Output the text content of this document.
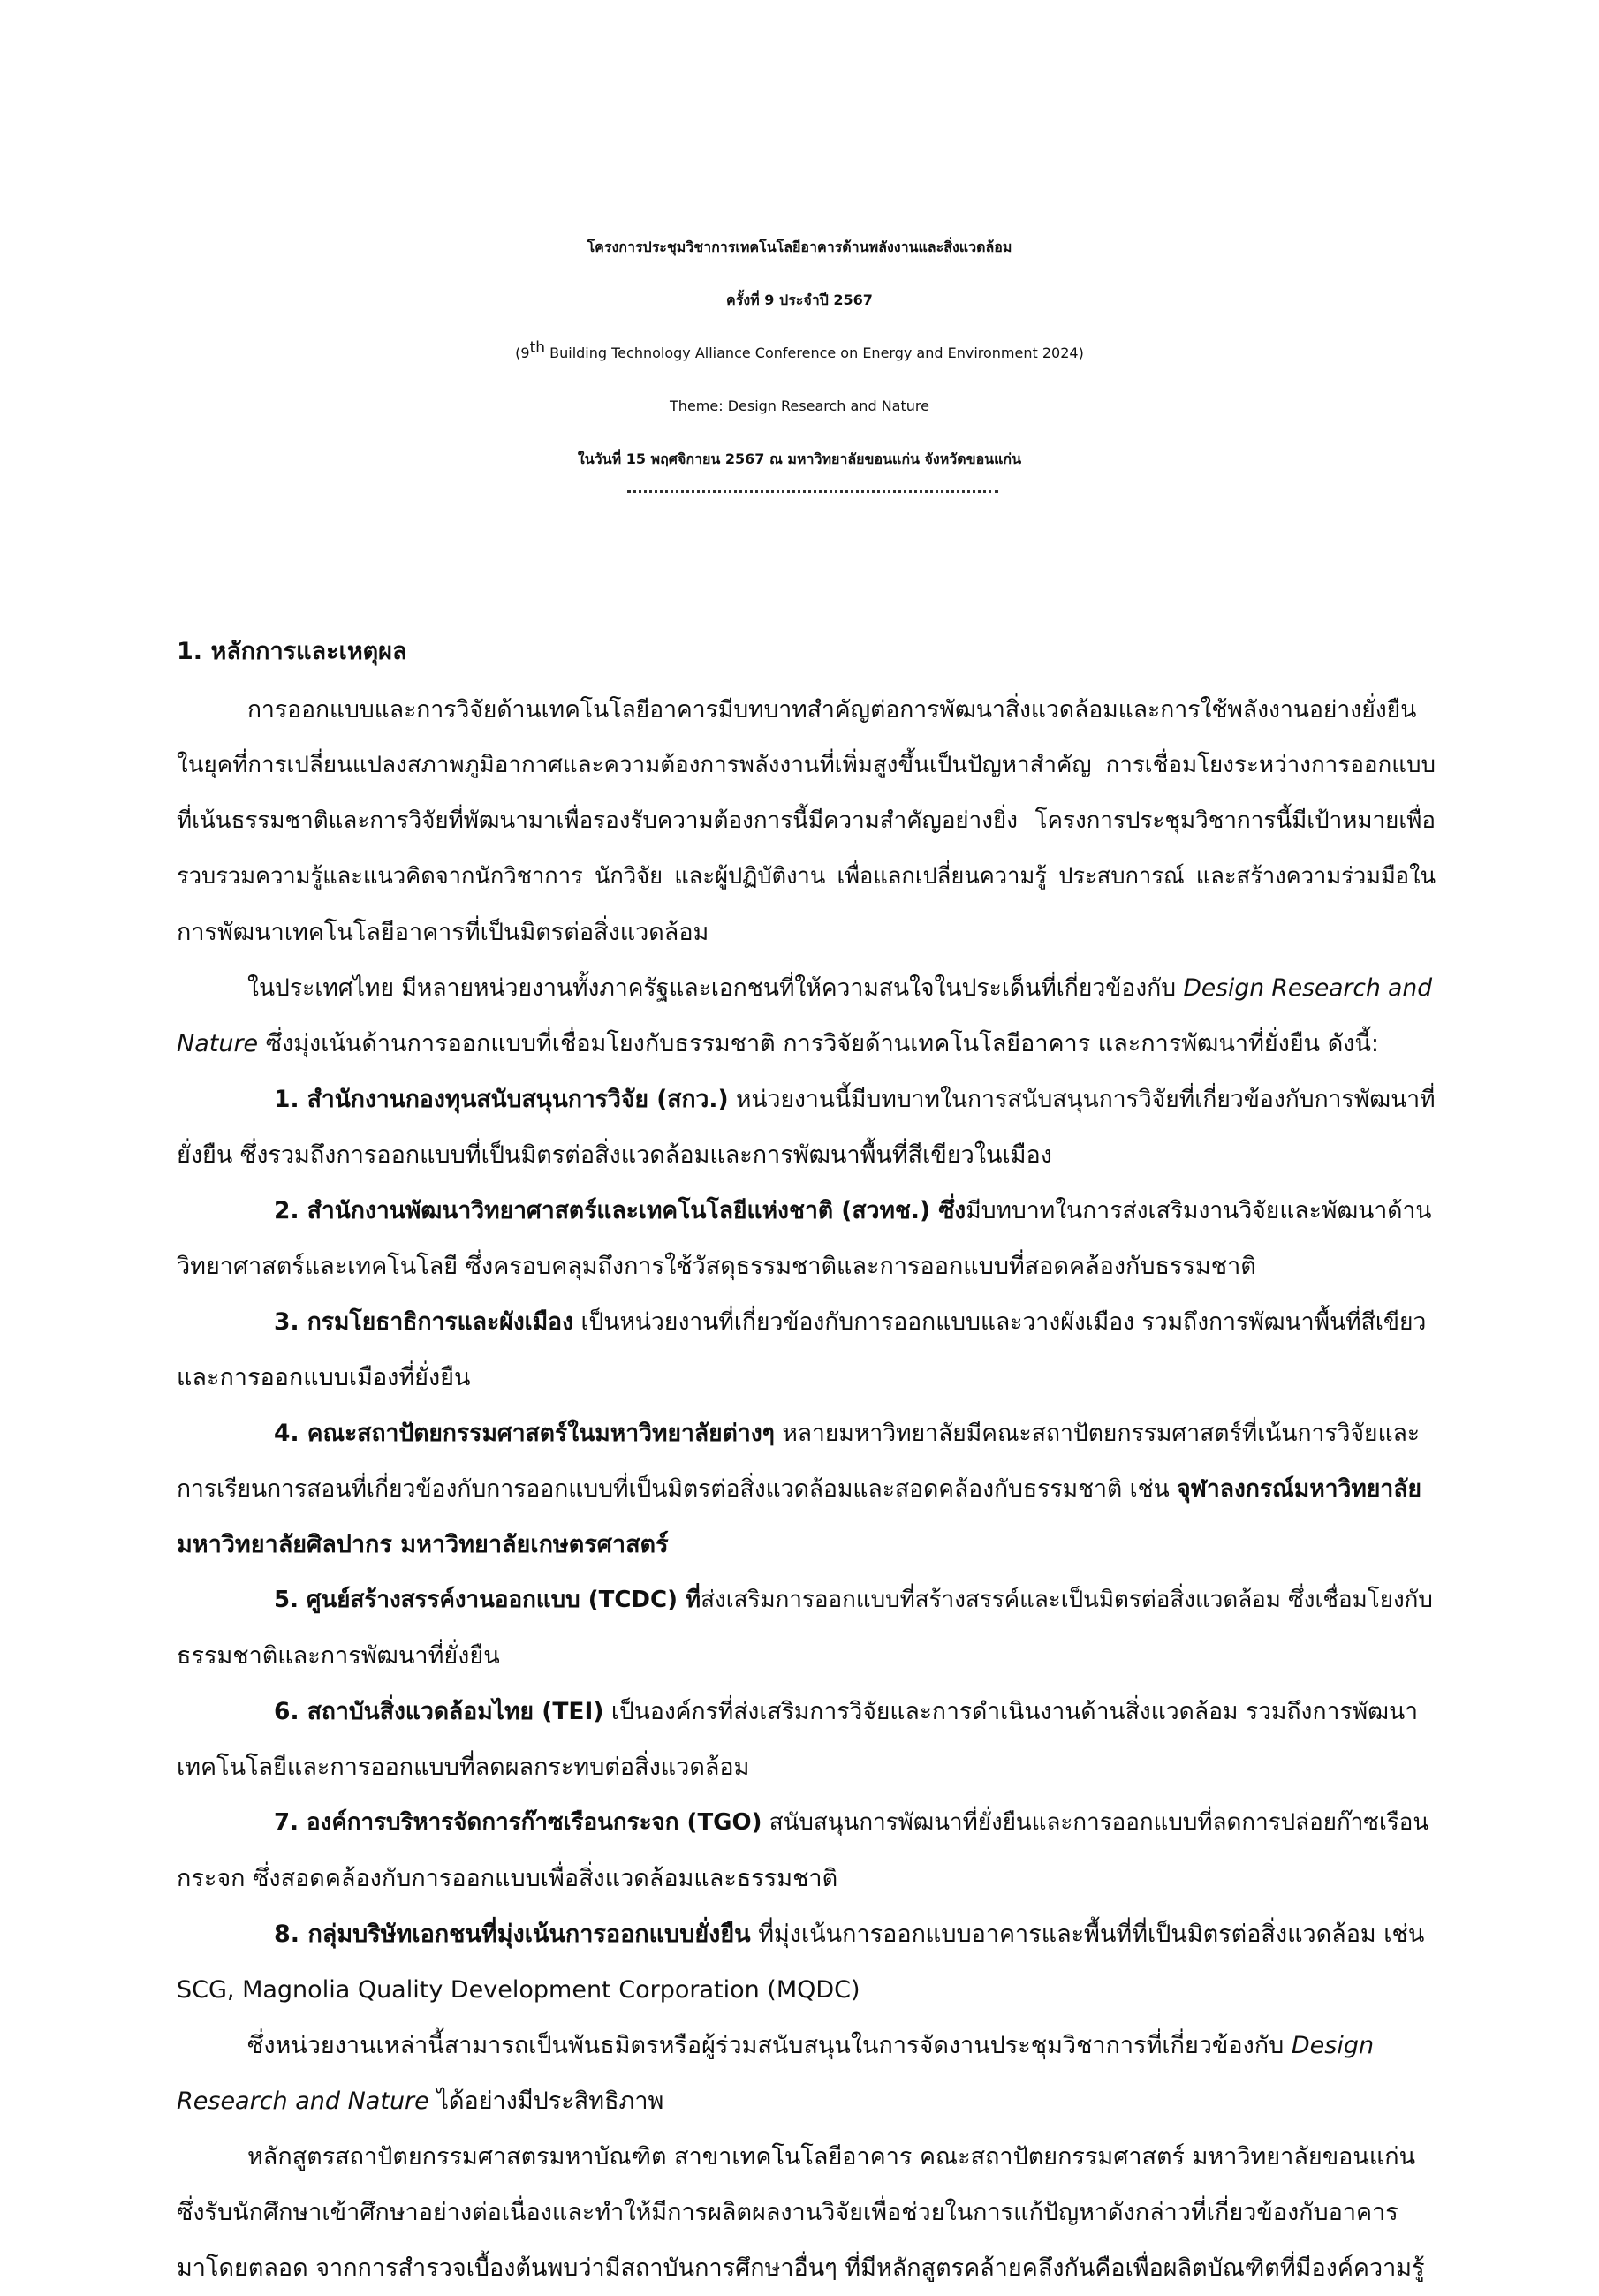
โครงการประชุมวิชาการเทคโนโลยีอาคารด้านพลังงานและสิ่งแวดล้อม
ครั้งที่ 9 ประจำปี 2567
(9th Building Technology Alliance Conference on Energy and Environment 2024)
Theme: Design Research and Nature
ในวันที่ 15 พฤศจิกายน 2567 ณ มหาวิทยาลัยขอนแก่น จังหวัดขอนแก่น
1. หลักการและเหตุผล
การออกแบบและการวิจัยด้านเทคโนโลยีอาคารมีบทบาทสำคัญต่อการพัฒนาสิ่งแวดล้อมและการใช้พลังงานอย่างยั่งยืน
ในยุคที่การเปลี่ยนแปลงสภาพภูมิอากาศและความต้องการพลังงานที่เพิ่มสูงขึ้นเป็นปัญหาสำคัญ การเชื่อมโยงระหว่างการออกแบบ
ที่เน้นธรรมชาติและการวิจัยที่พัฒนามาเพื่อรองรับความต้องการนี้มีความสำคัญอย่างยิ่ง โครงการประชุมวิชาการนี้มีเป้าหมายเพื่อ
รวบรวมความรู้และแนวคิดจากนักวิชาการ นักวิจัย และผู้ปฏิบัติงาน เพื่อแลกเปลี่ยนความรู้ ประสบการณ์ และสร้างความร่วมมือใน
การพัฒนาเทคโนโลยีอาคารที่เป็นมิตรต่อสิ่งแวดล้อม
ในประเทศไทย มีหลายหน่วยงานทั้งภาครัฐและเอกชนที่ให้ความสนใจในประเด็นที่เกี่ยวข้องกับ Design Research and
Nature ซึ่งมุ่งเน้นด้านการออกแบบที่เชื่อมโยงกับธรรมชาติ การวิจัยด้านเทคโนโลยีอาคาร และการพัฒนาที่ยั่งยืน ดังนี้:
1. สำนักงานกองทุนสนับสนุนการวิจัย (สกว.) หน่วยงานนี้มีบทบาทในการสนับสนุนการวิจัยที่เกี่ยวข้องกับการพัฒนาที่
ยั่งยืน ซึ่งรวมถึงการออกแบบที่เป็นมิตรต่อสิ่งแวดล้อมและการพัฒนาพื้นที่สีเขียวในเมือง
2. สำนักงานพัฒนาวิทยาศาสตร์และเทคโนโลยีแห่งชาติ (สวทช.) ซึ่งมีบทบาทในการส่งเสริมงานวิจัยและพัฒนาด้าน
วิทยาศาสตร์และเทคโนโลยี ซึ่งครอบคลุมถึงการใช้วัสดุธรรมชาติและการออกแบบที่สอดคล้องกับธรรมชาติ
3. กรมโยธาธิการและผังเมือง เป็นหน่วยงานที่เกี่ยวข้องกับการออกแบบและวางผังเมือง รวมถึงการพัฒนาพื้นที่สีเขียว
และการออกแบบเมืองที่ยั่งยืน
4. คณะสถาปัตยกรรมศาสตร์ในมหาวิทยาลัยต่างๆ หลายมหาวิทยาลัยมีคณะสถาปัตยกรรมศาสตร์ที่เน้นการวิจัยและ
การเรียนการสอนที่เกี่ยวข้องกับการออกแบบที่เป็นมิตรต่อสิ่งแวดล้อมและสอดคล้องกับธรรมชาติ เช่น จุฬาลงกรณ์มหาวิทยาลัย
มหาวิทยาลัยศิลปากร มหาวิทยาลัยเกษตรศาสตร์
5. ศูนย์สร้างสรรค์งานออกแบบ (TCDC) ที่ส่งเสริมการออกแบบที่สร้างสรรค์และเป็นมิตรต่อสิ่งแวดล้อม ซึ่งเชื่อมโยงกับ
ธรรมชาติและการพัฒนาที่ยั่งยืน
6. สถาบันสิ่งแวดล้อมไทย (TEI) เป็นองค์กรที่ส่งเสริมการวิจัยและการดำเนินงานด้านสิ่งแวดล้อม รวมถึงการพัฒนา
เทคโนโลยีและการออกแบบที่ลดผลกระทบต่อสิ่งแวดล้อม
7. องค์การบริหารจัดการก๊าซเรือนกระจก (TGO) สนับสนุนการพัฒนาที่ยั่งยืนและการออกแบบที่ลดการปล่อยก๊าซเรือน
กระจก ซึ่งสอดคล้องกับการออกแบบเพื่อสิ่งแวดล้อมและธรรมชาติ
8. กลุ่มบริษัทเอกชนที่มุ่งเน้นการออกแบบยั่งยืน ที่มุ่งเน้นการออกแบบอาคารและพื้นที่ที่เป็นมิตรต่อสิ่งแวดล้อม เช่น
SCG, Magnolia Quality Development Corporation (MQDC)
ซึ่งหน่วยงานเหล่านี้สามารถเป็นพันธมิตรหรือผู้ร่วมสนับสนุนในการจัดงานประชุมวิชาการที่เกี่ยวข้องกับ Design
Research and Nature ได้อย่างมีประสิทธิภาพ
หลักสูตรสถาปัตยกรรมศาสตรมหาบัณฑิต สาขาเทคโนโลยีอาคาร คณะสถาปัตยกรรมศาสตร์ มหาวิทยาลัยขอนแก่น
ซึ่งรับนักศึกษาเข้าศึกษาอย่างต่อเนื่องและทำให้มีการผลิตผลงานวิจัยเพื่อช่วยในการแก้ปัญหาดังกล่าวที่เกี่ยวข้องกับอาคาร
มาโดยตลอด จากการสำรวจเบื้องต้นพบว่ามีสถาบันการศึกษาอื่นๆ ที่มีหลักสูตรคล้ายคลึงกันคือเพื่อผลิตบัณฑิตที่มีองค์ความรู้
